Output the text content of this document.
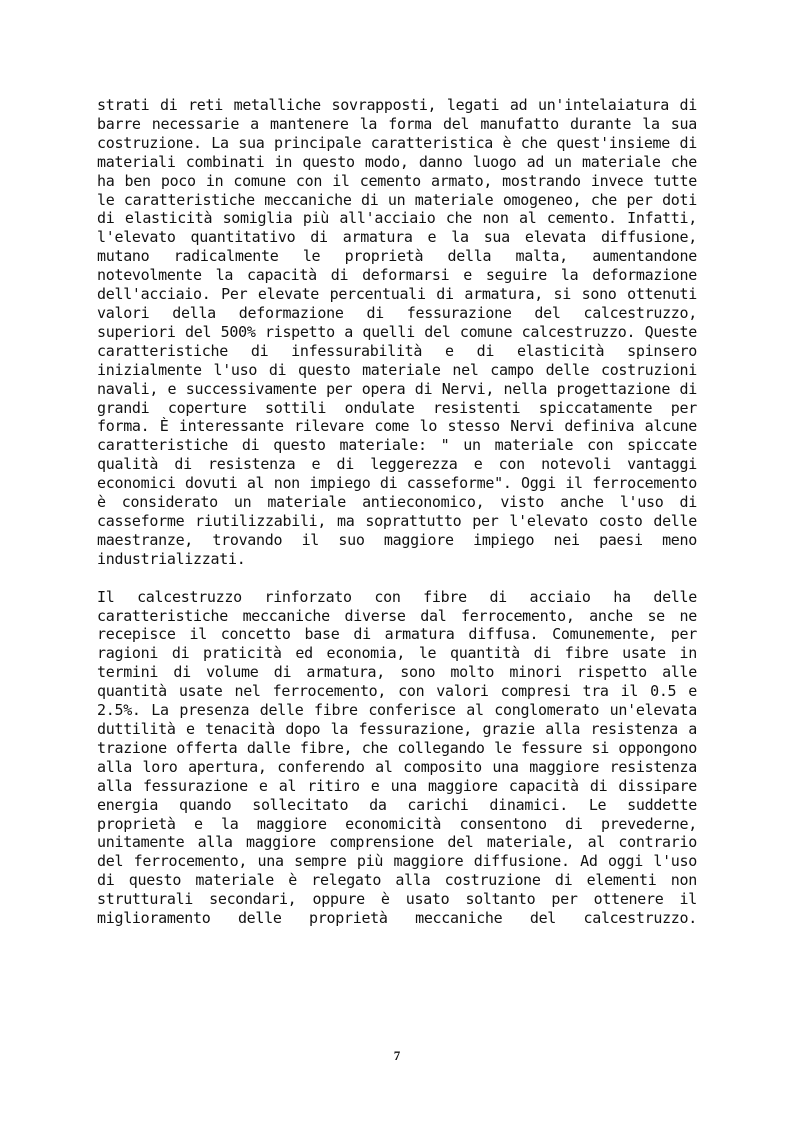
strati di reti metalliche sovrapposti, legati ad un'intelaiatura di barre necessarie a mantenere la forma del manufatto durante la sua costruzione. La sua principale caratteristica è che quest'insieme di materiali combinati in questo modo, danno luogo ad un materiale che ha ben poco in comune con il cemento armato, mostrando invece tutte le caratteristiche meccaniche di un materiale omogeneo, che per doti di elasticità somiglia più all'acciaio che non al cemento. Infatti, l'elevato quantitativo di armatura e la sua elevata diffusione, mutano radicalmente le proprietà della malta, aumentandone notevolmente la capacità di deformarsi e seguire la deformazione dell'acciaio. Per elevate percentuali di armatura, si sono ottenuti valori della deformazione di fessurazione del calcestruzzo, superiori del 500% rispetto a quelli del comune calcestruzzo. Queste caratteristiche di infessurabilità e di elasticità spinsero inizialmente l'uso di questo materiale nel campo delle costruzioni navali, e successivamente per opera di Nervi, nella progettazione di grandi coperture sottili ondulate resistenti spiccatamente per forma. È interessante rilevare come lo stesso Nervi definiva alcune caratteristiche di questo materiale: " un materiale con spiccate qualità di resistenza e di leggerezza e con notevoli vantaggi economici dovuti al non impiego di casseforme". Oggi il ferrocemento è considerato un materiale antieconomico, visto anche l'uso di casseforme riutilizzabili, ma soprattutto per l'elevato costo delle maestranze, trovando il suo maggiore impiego nei paesi meno industrializzati.

Il calcestruzzo rinforzato con fibre di acciaio ha delle caratteristiche meccaniche diverse dal ferrocemento, anche se ne recepisce il concetto base di armatura diffusa. Comunemente, per ragioni di praticità ed economia, le quantità di fibre usate in termini di volume di armatura, sono molto minori rispetto alle quantità usate nel ferrocemento, con valori compresi tra il 0.5 e 2.5%. La presenza delle fibre conferisce al conglomerato un'elevata duttilità e tenacità dopo la fessurazione, grazie alla resistenza a trazione offerta dalle fibre, che collegando le fessure si oppongono alla loro apertura, conferendo al composito una maggiore resistenza alla fessurazione e al ritiro e una maggiore capacità di dissipare energia quando sollecitato da carichi dinamici. Le suddette proprietà e la maggiore economicità consentono di prevederne, unitamente alla maggiore comprensione del materiale, al contrario del ferrocemento, una sempre più maggiore diffusione. Ad oggi l'uso di questo materiale è relegato alla costruzione di elementi non strutturali secondari, oppure è usato soltanto per ottenere il miglioramento delle proprietà meccaniche del calcestruzzo.

7
